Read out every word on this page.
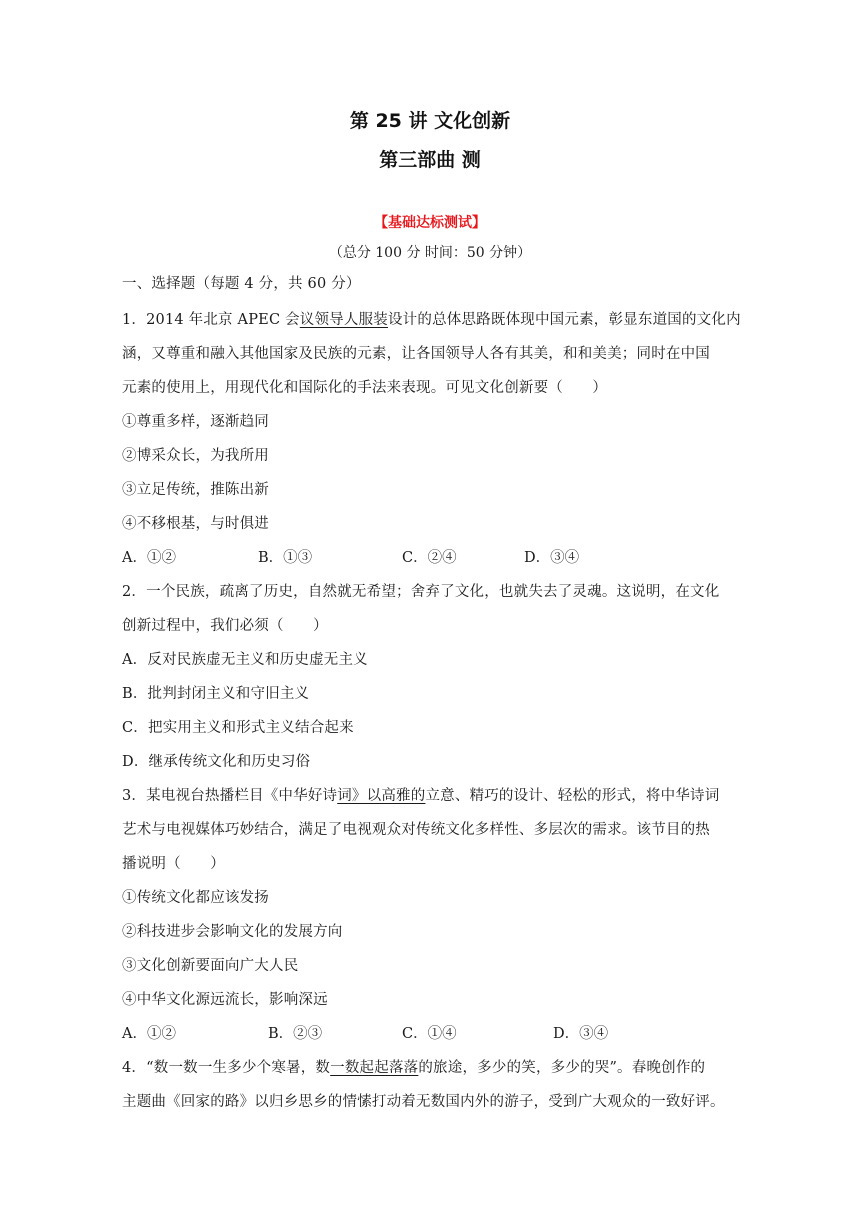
第 25 讲 文化创新
第三部曲 测
【基础达标测试】
（总分 100 分 时间：50 分钟）
一、选择题（每题 4 分，共 60 分）
1．2014 年北京 APEC 会议领导人服装设计的总体思路既体现中国元素，彰显东道国的文化内
涵，又尊重和融入其他国家及民族的元素，让各国领导人各有其美，和和美美；同时在中国
元素的使用上，用现代化和国际化的手法来表现。可见文化创新要（　　）
①尊重多样，逐渐趋同
②博采众长，为我所用
③立足传统，推陈出新
④不移根基，与时俱进
A．①②	B．①③	C．②④	D．③④
2．一个民族，疏离了历史，自然就无希望；舍弃了文化，也就失去了灵魂。这说明，在文化
创新过程中，我们必须（　　）
A．反对民族虚无主义和历史虚无主义
B．批判封闭主义和守旧主义
C．把实用主义和形式主义结合起来
D．继承传统文化和历史习俗
3．某电视台热播栏目《中华好诗词》以高雅的立意、精巧的设计、轻松的形式，将中华诗词
艺术与电视媒体巧妙结合，满足了电视观众对传统文化多样性、多层次的需求。该节目的热
播说明（　　）
①传统文化都应该发扬
②科技进步会影响文化的发展方向
③文化创新要面向广大人民
④中华文化源远流长，影响深远
A．①②	B．②③	C．①④	D．③④
4．“数一数一生多少个寒暑，数一数起起落落的旅途，多少的笑，多少的哭”。春晚创作的
主题曲《回家的路》以归乡思乡的情愫打动着无数国内外的游子，受到广大观众的一致好评。
